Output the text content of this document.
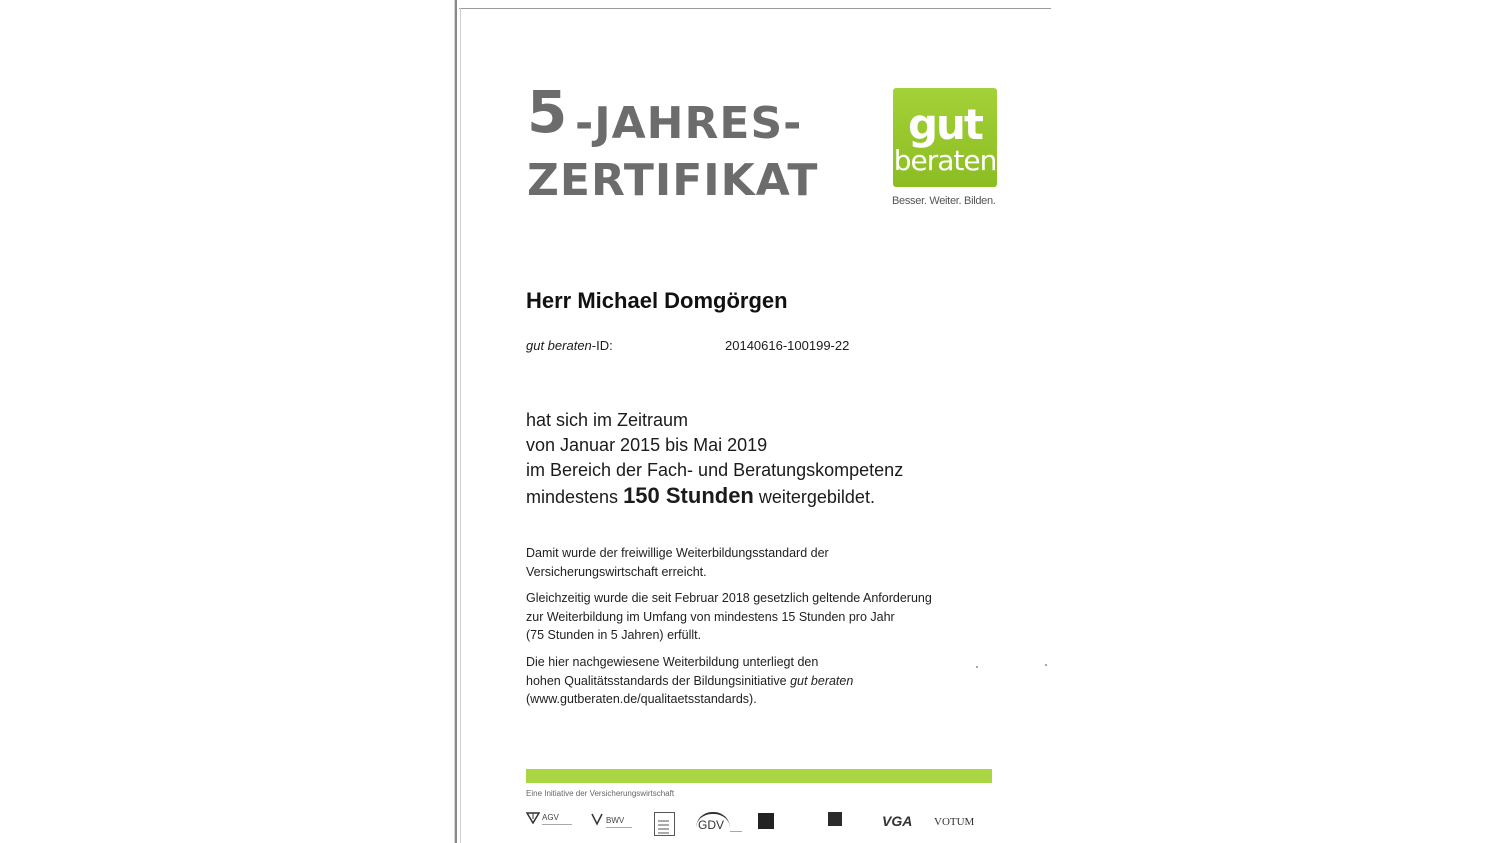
5 -JAHRES-
ZERTIFIKAT
gut
beraten
Besser. Weiter. Bilden.
Herr Michael Domgörgen
gut beraten-ID:	20140616-100199-22
hat sich im Zeitraum
von Januar 2015 bis Mai 2019
im Bereich der Fach- und Beratungskompetenz
mindestens 150 Stunden weitergebildet.
Damit wurde der freiwillige Weiterbildungsstandard der
Versicherungswirtschaft erreicht.
Gleichzeitig wurde die seit Februar 2018 gesetzlich geltende Anforderung
zur Weiterbildung im Umfang von mindestens 15 Stunden pro Jahr
(75 Stunden in 5 Jahren) erfüllt.
Die hier nachgewiesene Weiterbildung unterliegt den
hohen Qualitätsstandards der Bildungsinitiative gut beraten
(www.gutberaten.de/qualitaetsstandards).
Eine Initiative der Versicherungswirtschaft
AGV	BWV	GDV	VGA VOTUM
